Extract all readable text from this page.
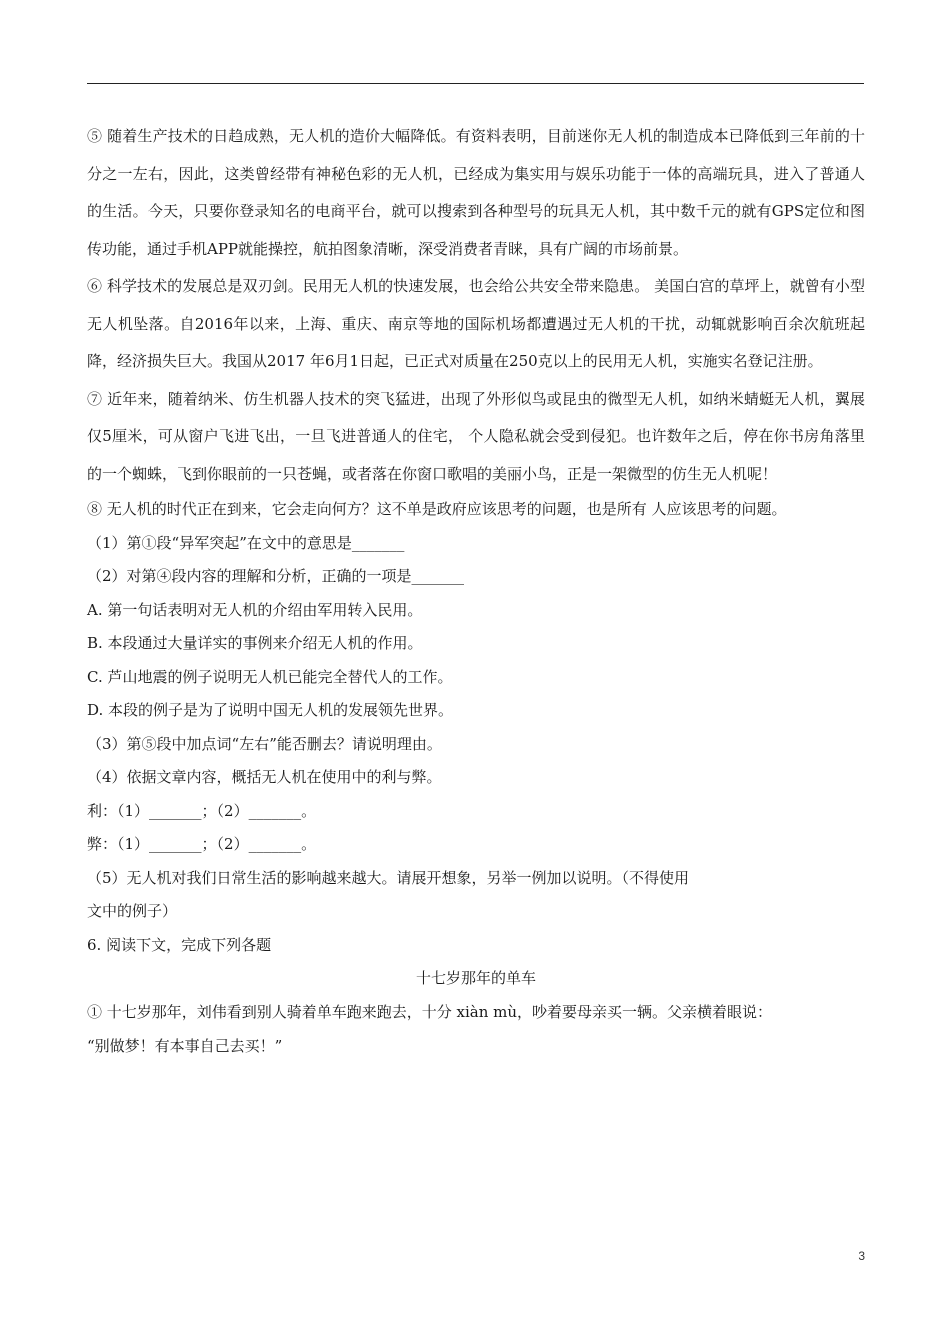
⑤ 随着生产技术的日趋成熟，无人机的造价大幅降低。有资料表明，目前迷你无人机的制造成本已降低到三年前的十分之一左右，因此，这类曾经带有神秘色彩的无人机，已经成为集实用与娱乐功能于一体的高端玩具，进入了普通人的生活。今天，只要你登录知名的电商平台，就可以搜索到各种型号的玩具无人机，其中数千元的就有GPS定位和图传功能，通过手机APP就能操控，航拍图象清晰，深受消费者青睐，具有广阔的市场前景。

⑥ 科学技术的发展总是双刃剑。民用无人机的快速发展，也会给公共安全带来隐患。 美国白宫的草坪上，就曾有小型无人机坠落。自2016年以来，上海、重庆、南京等地的国际机场都遭遇过无人机的干扰，动辄就影响百余次航班起降，经济损失巨大。我国从2017 年6月1日起，已正式对质量在250克以上的民用无人机，实施实名登记注册。

⑦ 近年来，随着纳米、仿生机器人技术的突飞猛进，出现了外形似鸟或昆虫的微型无人机，如纳米蜻蜓无人机，翼展仅5厘米，可从窗户飞进飞出，一旦飞进普通人的住宅， 个人隐私就会受到侵犯。也许数年之后，停在你书房角落里的一个蜘蛛，飞到你眼前的一只苍蝇，或者落在你窗口歌唱的美丽小鸟，正是一架微型的仿生无人机呢！

⑧ 无人机的时代正在到来，它会走向何方？这不单是政府应该思考的问题，也是所有 人应该思考的问题。

（1）第①段“异军突起”在文中的意思是_______

（2）对第④段内容的理解和分析，正确的一项是_______

A. 第一句话表明对无人机的介绍由军用转入民用。

B. 本段通过大量详实的事例来介绍无人机的作用。

C. 芦山地震的例子说明无人机已能完全替代人的工作。

D. 本段的例子是为了说明中国无人机的发展领先世界。

（3）第⑤段中加点词“左右”能否删去？请说明理由。

（4）依据文章内容，概括无人机在使用中的利与弊。

利：（1）_______；（2）_______。

弊：（1）_______；（2）_______。

（5）无人机对我们日常生活的影响越来越大。请展开想象，另举一例加以说明。（不得使用

文中的例子）

6. 阅读下文，完成下列各题

十七岁那年的单车

① 十七岁那年，刘伟看到别人骑着单车跑来跑去，十分 xiàn mù，吵着要母亲买一辆。父亲横着眼说：

“别做梦！有本事自己去买！”

3
